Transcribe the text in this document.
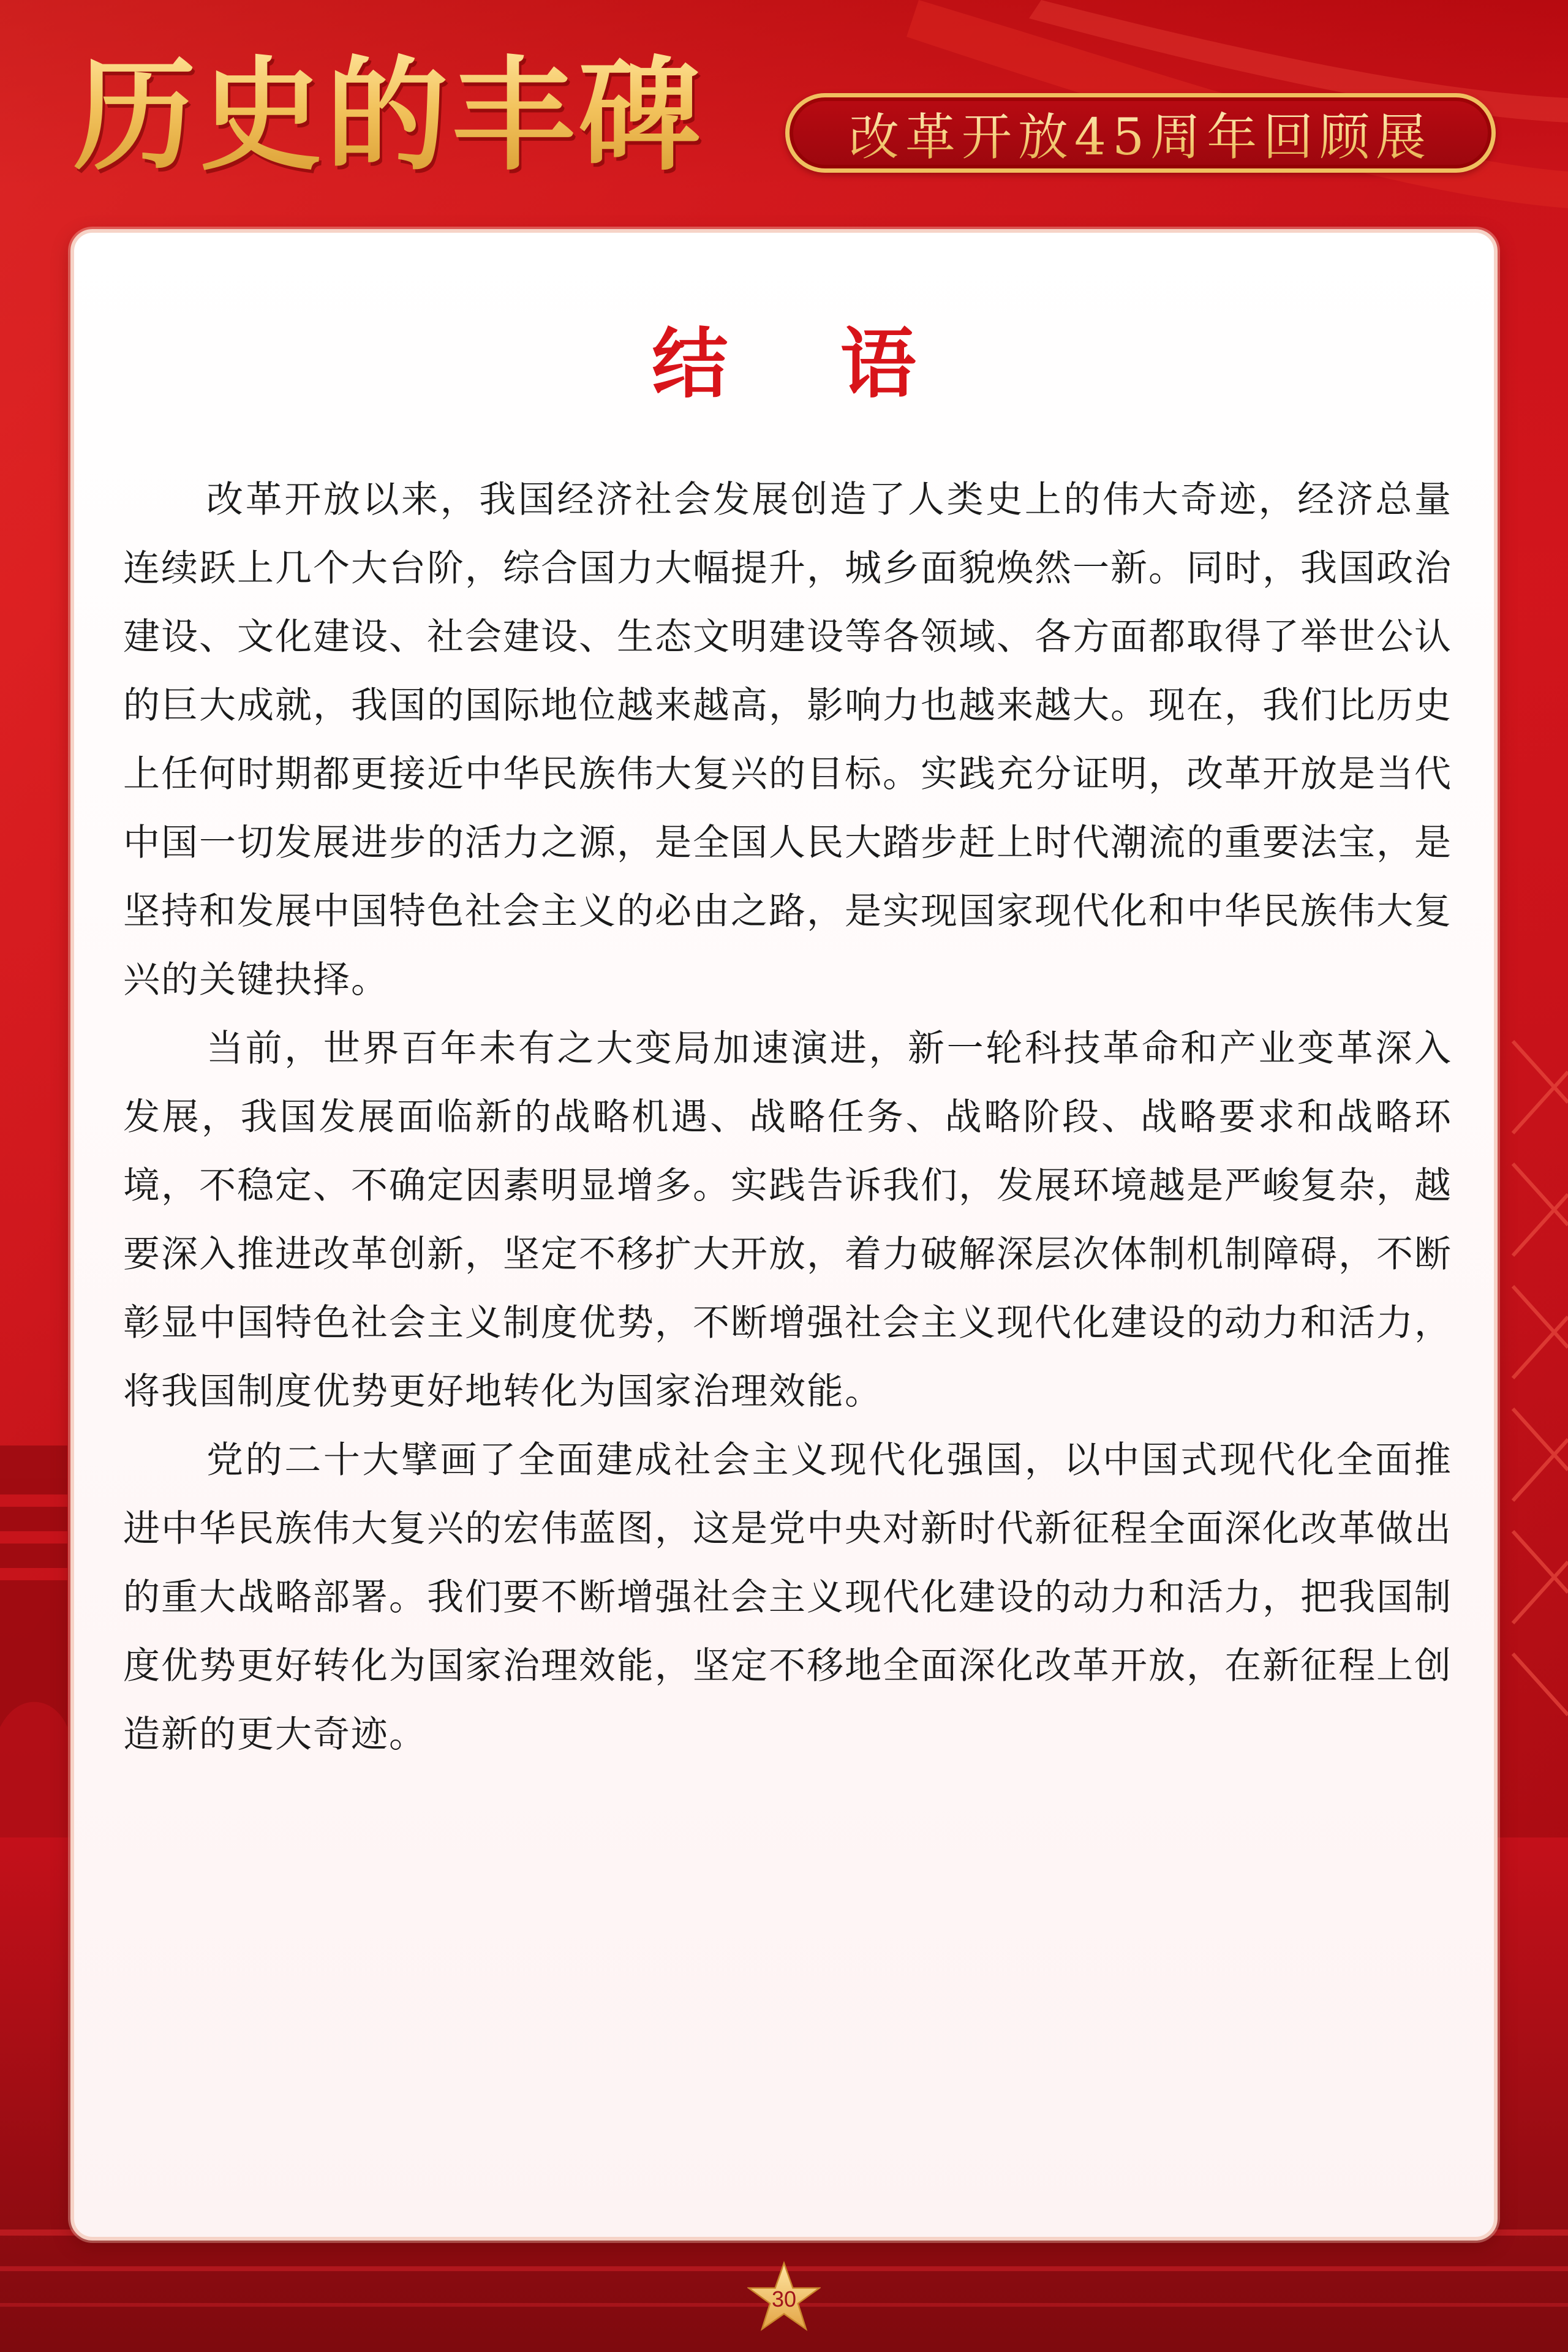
历史的丰碑	改革开放45周年回顾展
结 语

改革开放以来，我国经济社会发展创造了人类史上的伟大奇迹，经济总量连续跃上几个大台阶，综合国力大幅提升，城乡面貌焕然一新。同时，我国政治建设、文化建设、社会建设、生态文明建设等各领域、各方面都取得了举世公认的巨大成就，我国的国际地位越来越高，影响力也越来越大。现在，我们比历史上任何时期都更接近中华民族伟大复兴的目标。实践充分证明，改革开放是当代中国一切发展进步的活力之源，是全国人民大踏步赶上时代潮流的重要法宝，是坚持和发展中国特色社会主义的必由之路，是实现国家现代化和中华民族伟大复兴的关键抉择。

当前，世界百年未有之大变局加速演进，新一轮科技革命和产业变革深入发展，我国发展面临新的战略机遇、战略任务、战略阶段、战略要求和战略环境，不稳定、不确定因素明显增多。实践告诉我们，发展环境越是严峻复杂，越要深入推进改革创新，坚定不移扩大开放，着力破解深层次体制机制障碍，不断彰显中国特色社会主义制度优势，不断增强社会主义现代化建设的动力和活力，将我国制度优势更好地转化为国家治理效能。

党的二十大擘画了全面建成社会主义现代化强国，以中国式现代化全面推进中华民族伟大复兴的宏伟蓝图，这是党中央对新时代新征程全面深化改革做出的重大战略部署。我们要不断增强社会主义现代化建设的动力和活力，把我国制度优势更好转化为国家治理效能，坚定不移地全面深化改革开放，在新征程上创造新的更大奇迹。

30
